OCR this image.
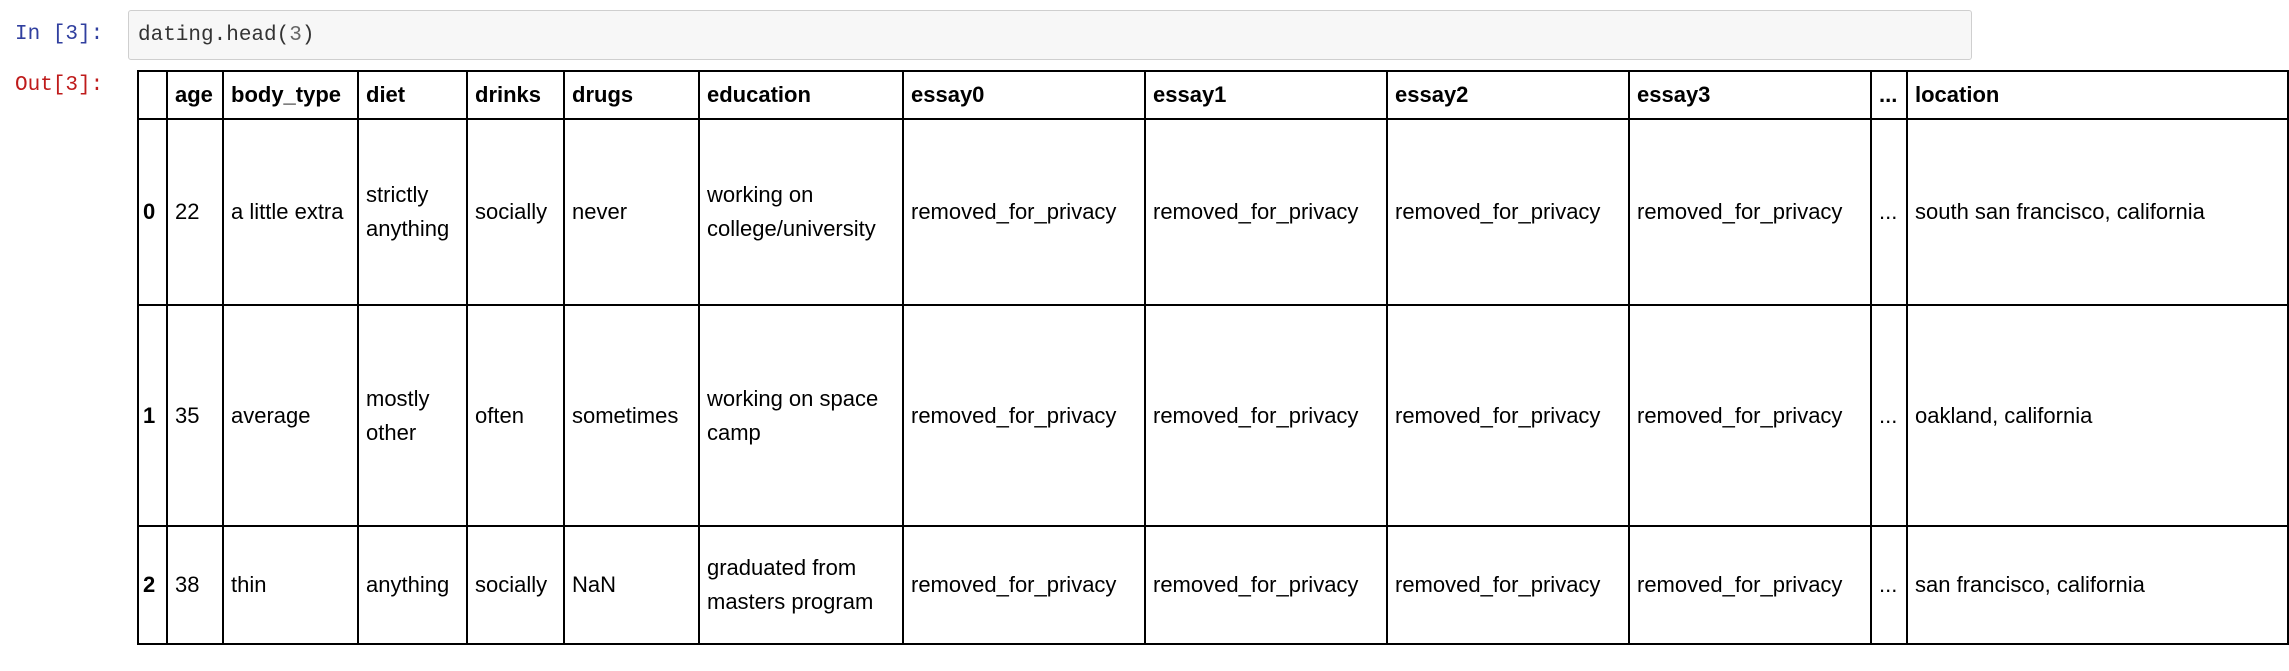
In [3]:	dating.head(3)
Out[3]:
		age	body_type	diet	drinks	drugs	education	essay0	essay1	essay2	essay3	...	location
0	22	a little extra	strictly anything	socially	never	working on college/university	removed_for_privacy	removed_for_privacy	removed_for_privacy	removed_for_privacy	...	south san francisco, california
1	35	average	mostly other	often	sometimes	working on space camp	removed_for_privacy	removed_for_privacy	removed_for_privacy	removed_for_privacy	...	oakland, california
2	38	thin	anything	socially	NaN	graduated from masters program	removed_for_privacy	removed_for_privacy	removed_for_privacy	removed_for_privacy	...	san francisco, california
